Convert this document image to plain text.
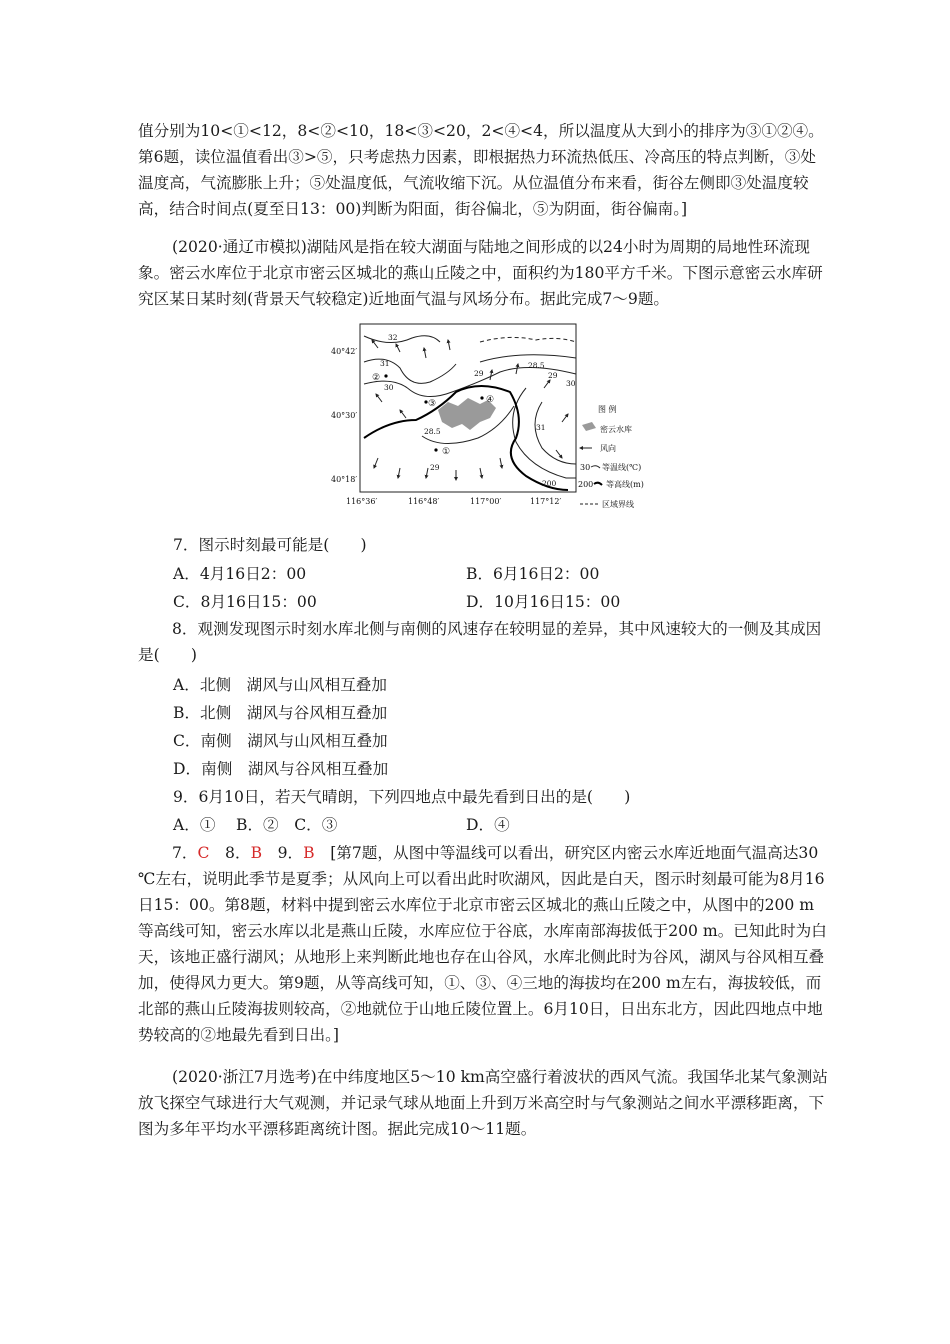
值分别为10<①<12，8<②<10，18<③<20，2<④<4，所以温度从大到小的排序为③①②④。第6题，读位温值看出③>⑤，只考虑热力因素，即根据热力环流热低压、冷高压的特点判断，③处温度高，气流膨胀上升；⑤处温度低，气流收缩下沉。从位温值分布来看，街谷左侧即③处温度较高，结合时间点(夏至日13：00)判断为阳面，街谷偏北，⑤为阴面，街谷偏南。]
(2020·通辽市模拟)湖陆风是指在较大湖面与陆地之间形成的以24小时为周期的局地性环流现象。密云水库位于北京市密云区城北的燕山丘陵之中，面积约为180平方千米。下图示意密云水库研究区某日某时刻(背景天气较稳定)近地面气温与风场分布。据此完成7～9题。
40°42′
40°30′
40°18′
116°36′	116°48′	117°00′	117°12′
32
31
30
29
28.5
29
30
31
28.5
29
200
①
②
③	④
图 例
密云水库
风向
30 等温线(℃)
200 等高线(m)
区域界线
7．图示时刻最可能是(　　)
A．4月16日2：00	B．6月16日2：00
C．8月16日15：00	D．10月16日15：00
8．观测发现图示时刻水库北侧与南侧的风速存在较明显的差异，其中风速较大的一侧及其成因是(　　)
A．北侧　湖风与山风相互叠加
B．北侧　湖风与谷风相互叠加
C．南侧　湖风与山风相互叠加
D．南侧　湖风与谷风相互叠加
9．6月10日，若天气晴朗，下列四地点中最先看到日出的是(　　)
A．①　 B．②　C．③	D．④
7．C　8．B　9．B　[第7题，从图中等温线可以看出，研究区内密云水库近地面气温高达30 ℃左右，说明此季节是夏季；从风向上可以看出此时吹湖风，因此是白天，图示时刻最可能为8月16日15：00。第8题，材料中提到密云水库位于北京市密云区城北的燕山丘陵之中，从图中的200 m等高线可知，密云水库以北是燕山丘陵，水库应位于谷底，水库南部海拔低于200 m。已知此时为白天，该地正盛行湖风；从地形上来判断此地也存在山谷风，水库北侧此时为谷风，湖风与谷风相互叠加，使得风力更大。第9题，从等高线可知，①、③、④三地的海拔均在200 m左右，海拔较低，而北部的燕山丘陵海拔则较高，②地就位于山地丘陵位置上。6月10日，日出东北方，因此四地点中地势较高的②地最先看到日出。]
(2020·浙江7月选考)在中纬度地区5～10 km高空盛行着波状的西风气流。我国华北某气象测站放飞探空气球进行大气观测，并记录气球从地面上升到万米高空时与气象测站之间水平漂移距离，下图为多年平均水平漂移距离统计图。据此完成10～11题。
